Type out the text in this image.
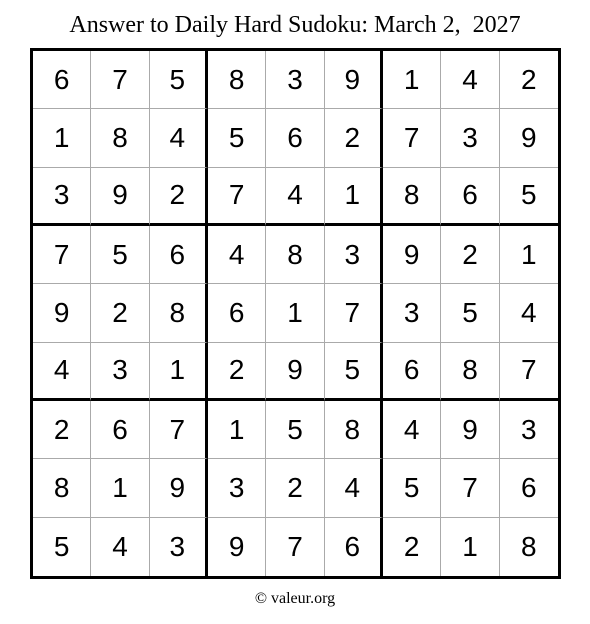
Answer to Daily Hard Sudoku: March 2,  2027
6	7	5	8	3	9	1	4	2
1	8	4	5	6	2	7	3	9
3	9	2	7	4	1	8	6	5
7	5	6	4	8	3	9	2	1
9	2	8	6	1	7	3	5	4
4	3	1	2	9	5	6	8	7
2	6	7	1	5	8	4	9	3
8	1	9	3	2	4	5	7	6
5	4	3	9	7	6	2	1	8
© valeur.org
